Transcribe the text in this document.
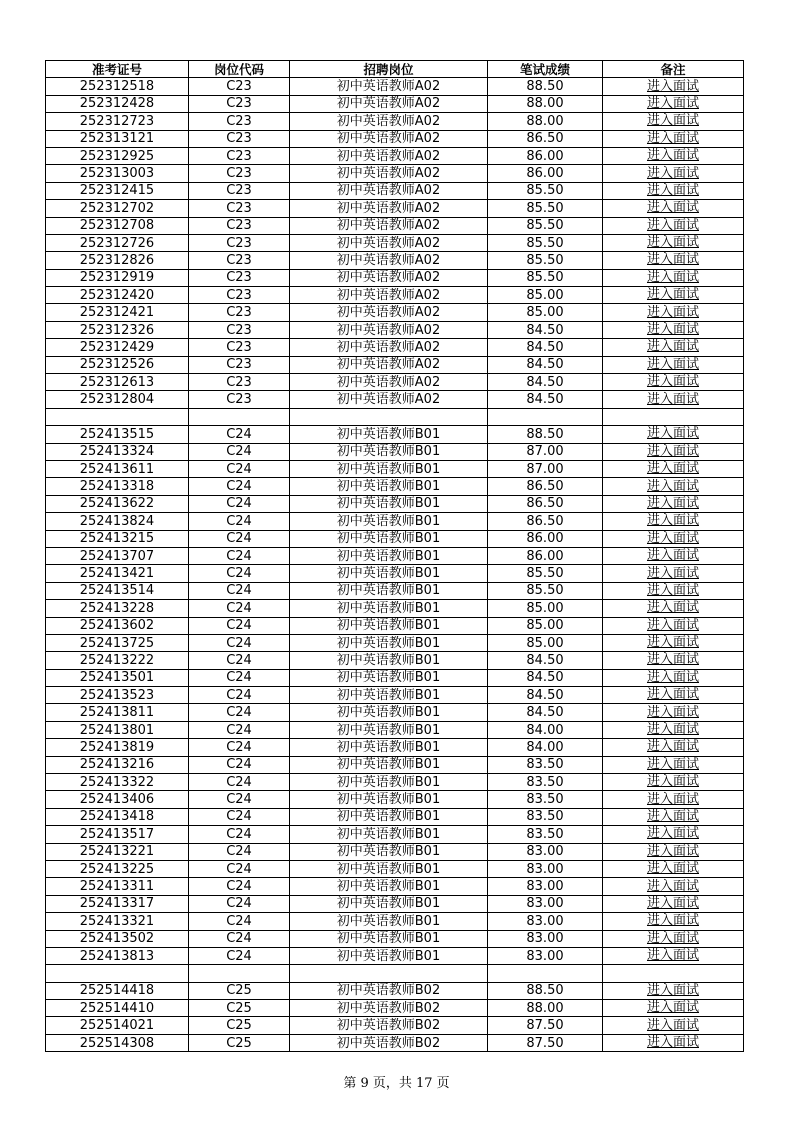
准考证号	岗位代码	招聘岗位	笔试成绩	备注
252312518	C23	初中英语教师A02	88.50	进入面试
252312428	C23	初中英语教师A02	88.00	进入面试
252312723	C23	初中英语教师A02	88.00	进入面试
252313121	C23	初中英语教师A02	86.50	进入面试
252312925	C23	初中英语教师A02	86.00	进入面试
252313003	C23	初中英语教师A02	86.00	进入面试
252312415	C23	初中英语教师A02	85.50	进入面试
252312702	C23	初中英语教师A02	85.50	进入面试
252312708	C23	初中英语教师A02	85.50	进入面试
252312726	C23	初中英语教师A02	85.50	进入面试
252312826	C23	初中英语教师A02	85.50	进入面试
252312919	C23	初中英语教师A02	85.50	进入面试
252312420	C23	初中英语教师A02	85.00	进入面试
252312421	C23	初中英语教师A02	85.00	进入面试
252312326	C23	初中英语教师A02	84.50	进入面试
252312429	C23	初中英语教师A02	84.50	进入面试
252312526	C23	初中英语教师A02	84.50	进入面试
252312613	C23	初中英语教师A02	84.50	进入面试
252312804	C23	初中英语教师A02	84.50	进入面试

252413515	C24	初中英语教师B01	88.50	进入面试
252413324	C24	初中英语教师B01	87.00	进入面试
252413611	C24	初中英语教师B01	87.00	进入面试
252413318	C24	初中英语教师B01	86.50	进入面试
252413622	C24	初中英语教师B01	86.50	进入面试
252413824	C24	初中英语教师B01	86.50	进入面试
252413215	C24	初中英语教师B01	86.00	进入面试
252413707	C24	初中英语教师B01	86.00	进入面试
252413421	C24	初中英语教师B01	85.50	进入面试
252413514	C24	初中英语教师B01	85.50	进入面试
252413228	C24	初中英语教师B01	85.00	进入面试
252413602	C24	初中英语教师B01	85.00	进入面试
252413725	C24	初中英语教师B01	85.00	进入面试
252413222	C24	初中英语教师B01	84.50	进入面试
252413501	C24	初中英语教师B01	84.50	进入面试
252413523	C24	初中英语教师B01	84.50	进入面试
252413811	C24	初中英语教师B01	84.50	进入面试
252413801	C24	初中英语教师B01	84.00	进入面试
252413819	C24	初中英语教师B01	84.00	进入面试
252413216	C24	初中英语教师B01	83.50	进入面试
252413322	C24	初中英语教师B01	83.50	进入面试
252413406	C24	初中英语教师B01	83.50	进入面试
252413418	C24	初中英语教师B01	83.50	进入面试
252413517	C24	初中英语教师B01	83.50	进入面试
252413221	C24	初中英语教师B01	83.00	进入面试
252413225	C24	初中英语教师B01	83.00	进入面试
252413311	C24	初中英语教师B01	83.00	进入面试
252413317	C24	初中英语教师B01	83.00	进入面试
252413321	C24	初中英语教师B01	83.00	进入面试
252413502	C24	初中英语教师B01	83.00	进入面试
252413813	C24	初中英语教师B01	83.00	进入面试

252514418	C25	初中英语教师B02	88.50	进入面试
252514410	C25	初中英语教师B02	88.00	进入面试
252514021	C25	初中英语教师B02	87.50	进入面试
252514308	C25	初中英语教师B02	87.50	进入面试
第 9 页，共 17 页
